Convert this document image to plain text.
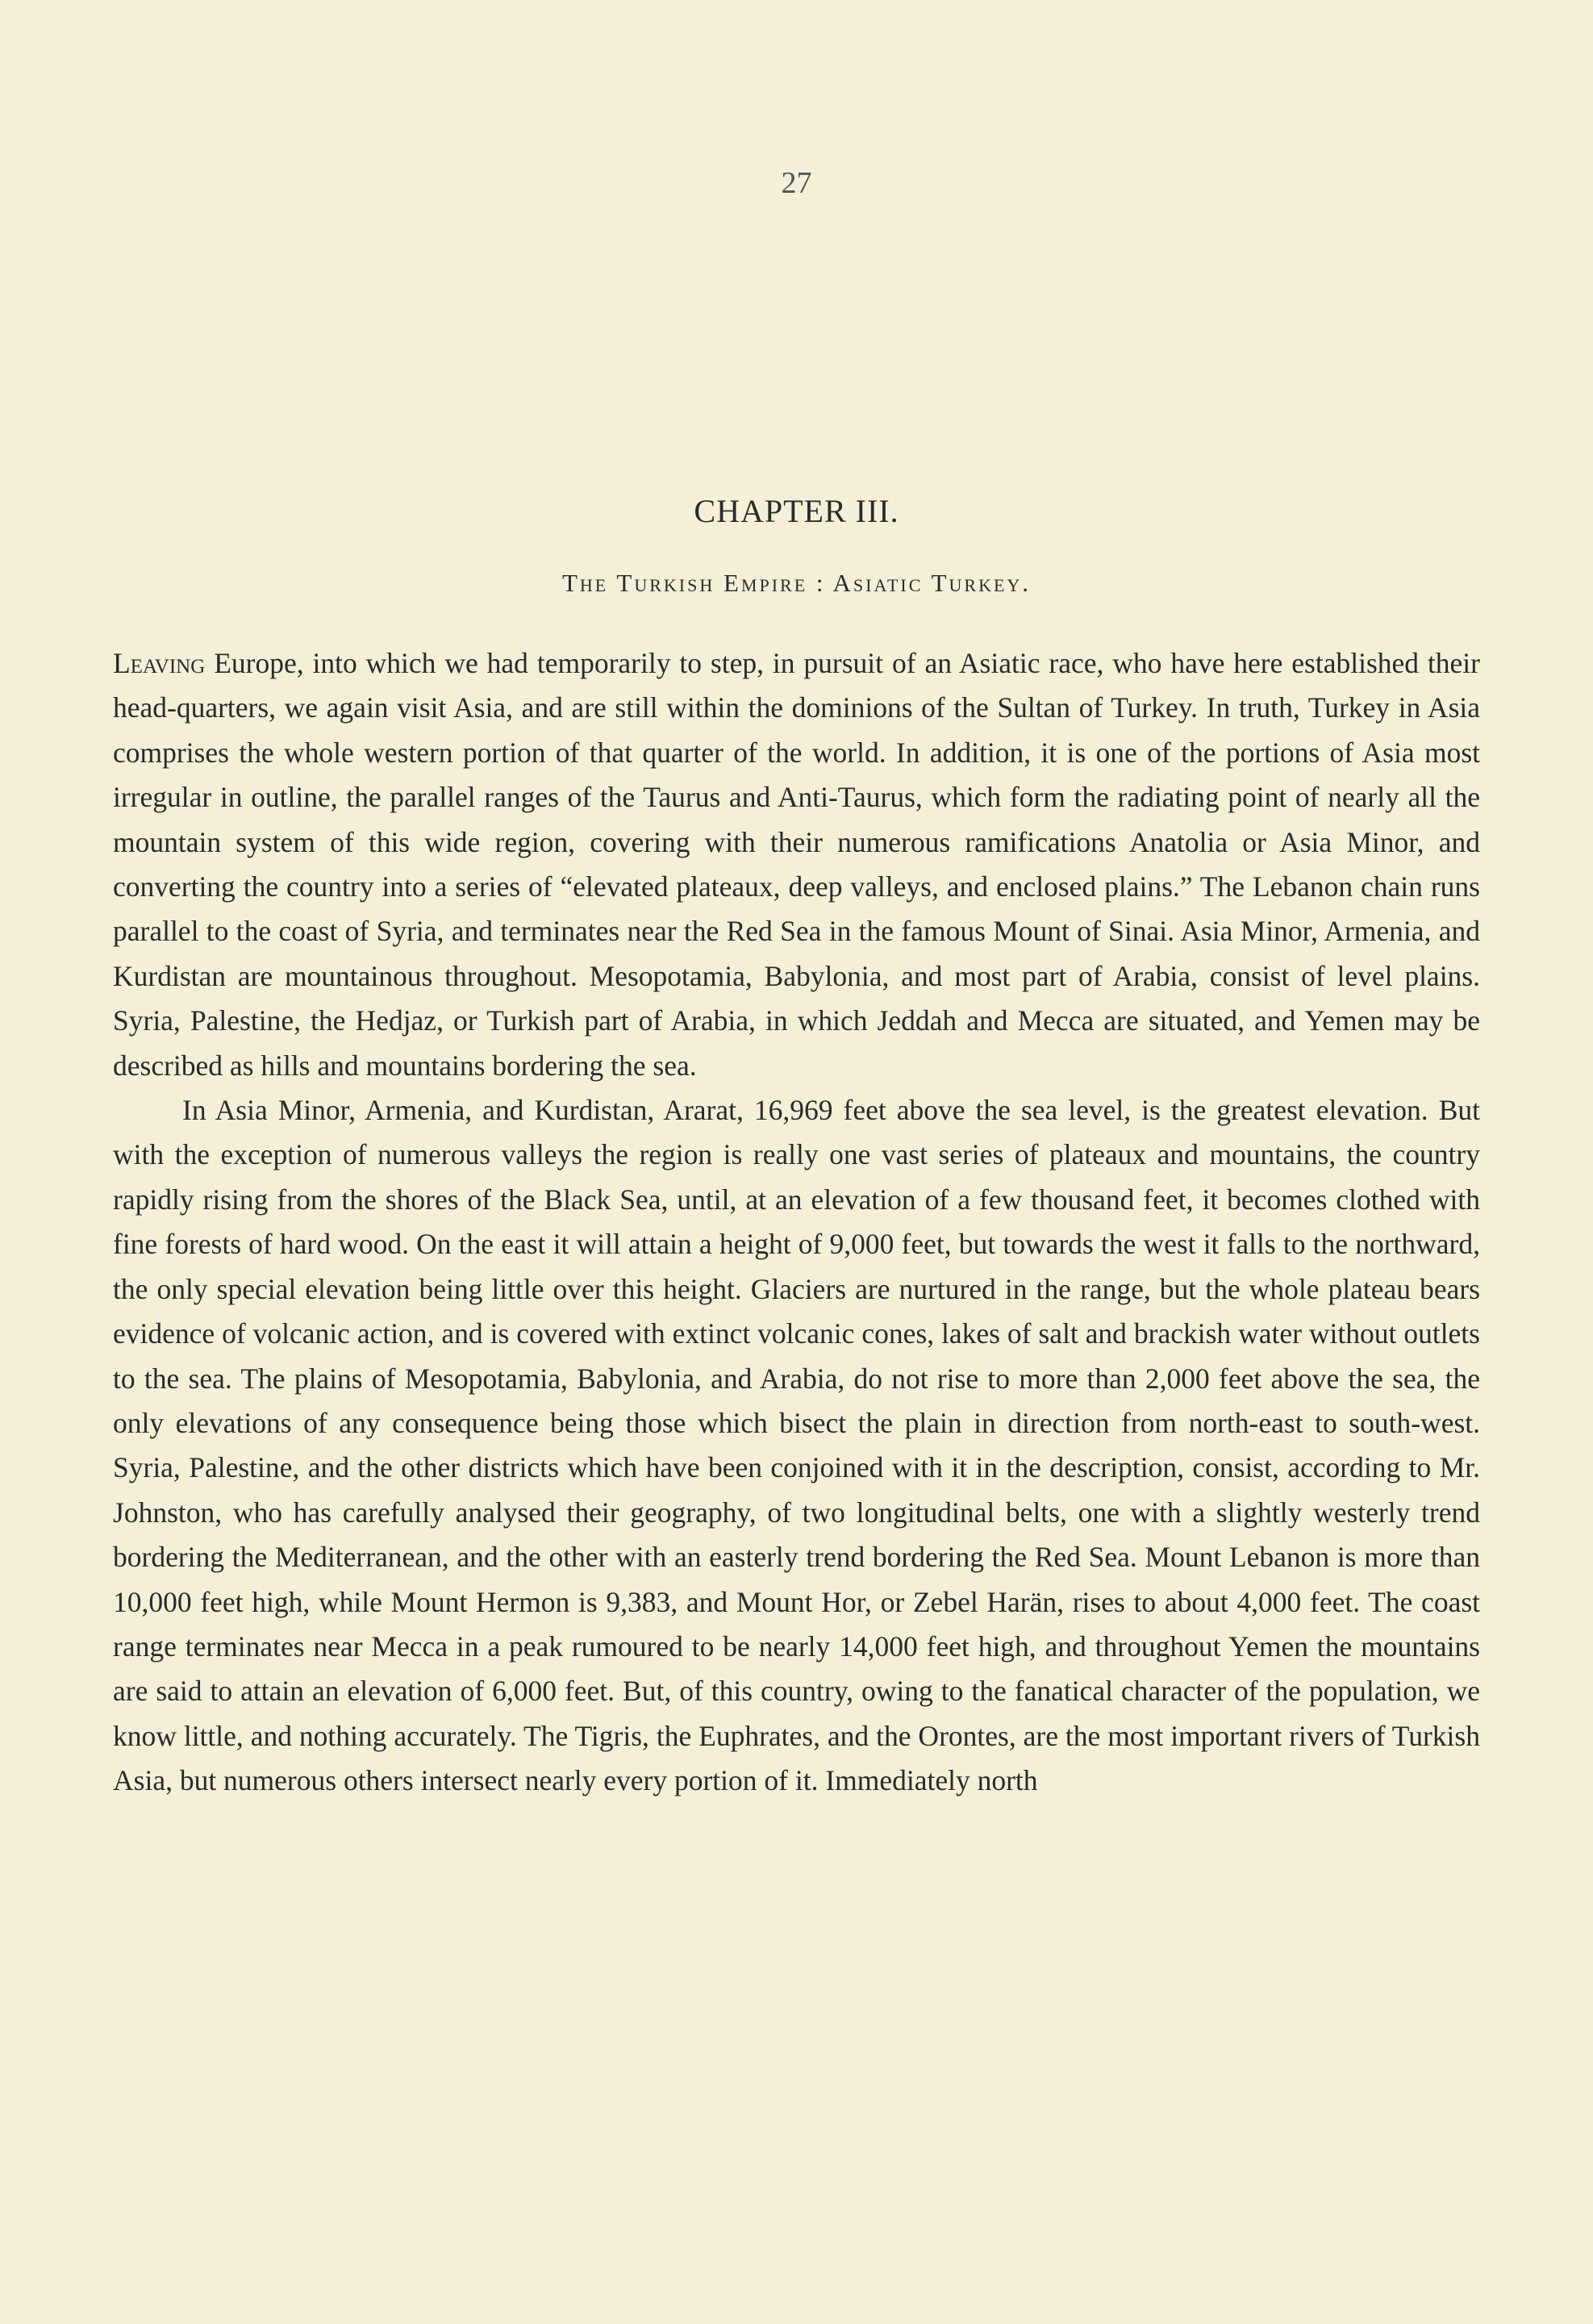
27
CHAPTER III.
The Turkish Empire : Asiatic Turkey.

Leaving Europe, into which we had temporarily to step, in pursuit of an Asiatic race, who have here established their head-quarters, we again visit Asia, and are still within the dominions of the Sultan of Turkey. In truth, Turkey in Asia comprises the whole western portion of that quarter of the world. In addition, it is one of the portions of Asia most irregular in outline, the parallel ranges of the Taurus and Anti-Taurus, which form the radiating point of nearly all the mountain system of this wide region, covering with their numerous ramifications Anatolia or Asia Minor, and converting the country into a series of “elevated plateaux, deep valleys, and enclosed plains.” The Lebanon chain runs parallel to the coast of Syria, and terminates near the Red Sea in the famous Mount of Sinai. Asia Minor, Armenia, and Kurdistan are mountainous throughout. Mesopotamia, Babylonia, and most part of Arabia, consist of level plains. Syria, Palestine, the Hedjaz, or Turkish part of Arabia, in which Jeddah and Mecca are situated, and Yemen may be described as hills and mountains bordering the sea.

In Asia Minor, Armenia, and Kurdistan, Ararat, 16,969 feet above the sea level, is the greatest elevation. But with the exception of numerous valleys the region is really one vast series of plateaux and mountains, the country rapidly rising from the shores of the Black Sea, until, at an elevation of a few thousand feet, it becomes clothed with fine forests of hard wood. On the east it will attain a height of 9,000 feet, but towards the west it falls to the northward, the only special elevation being little over this height. Glaciers are nurtured in the range, but the whole plateau bears evidence of volcanic action, and is covered with extinct volcanic cones, lakes of salt and brackish water without outlets to the sea. The plains of Mesopotamia, Babylonia, and Arabia, do not rise to more than 2,000 feet above the sea, the only elevations of any consequence being those which bisect the plain in direction from north-east to south-west. Syria, Palestine, and the other districts which have been conjoined with it in the description, consist, according to Mr. Johnston, who has carefully analysed their geography, of two longitudinal belts, one with a slightly westerly trend bordering the Mediterranean, and the other with an easterly trend bordering the Red Sea. Mount Lebanon is more than 10,000 feet high, while Mount Hermon is 9,383, and Mount Hor, or Zebel Harän, rises to about 4,000 feet. The coast range terminates near Mecca in a peak rumoured to be nearly 14,000 feet high, and throughout Yemen the mountains are said to attain an elevation of 6,000 feet. But, of this country, owing to the fanatical character of the population, we know little, and nothing accurately. The Tigris, the Euphrates, and the Orontes, are the most important rivers of Turkish Asia, but numerous others intersect nearly every portion of it. Immediately north
